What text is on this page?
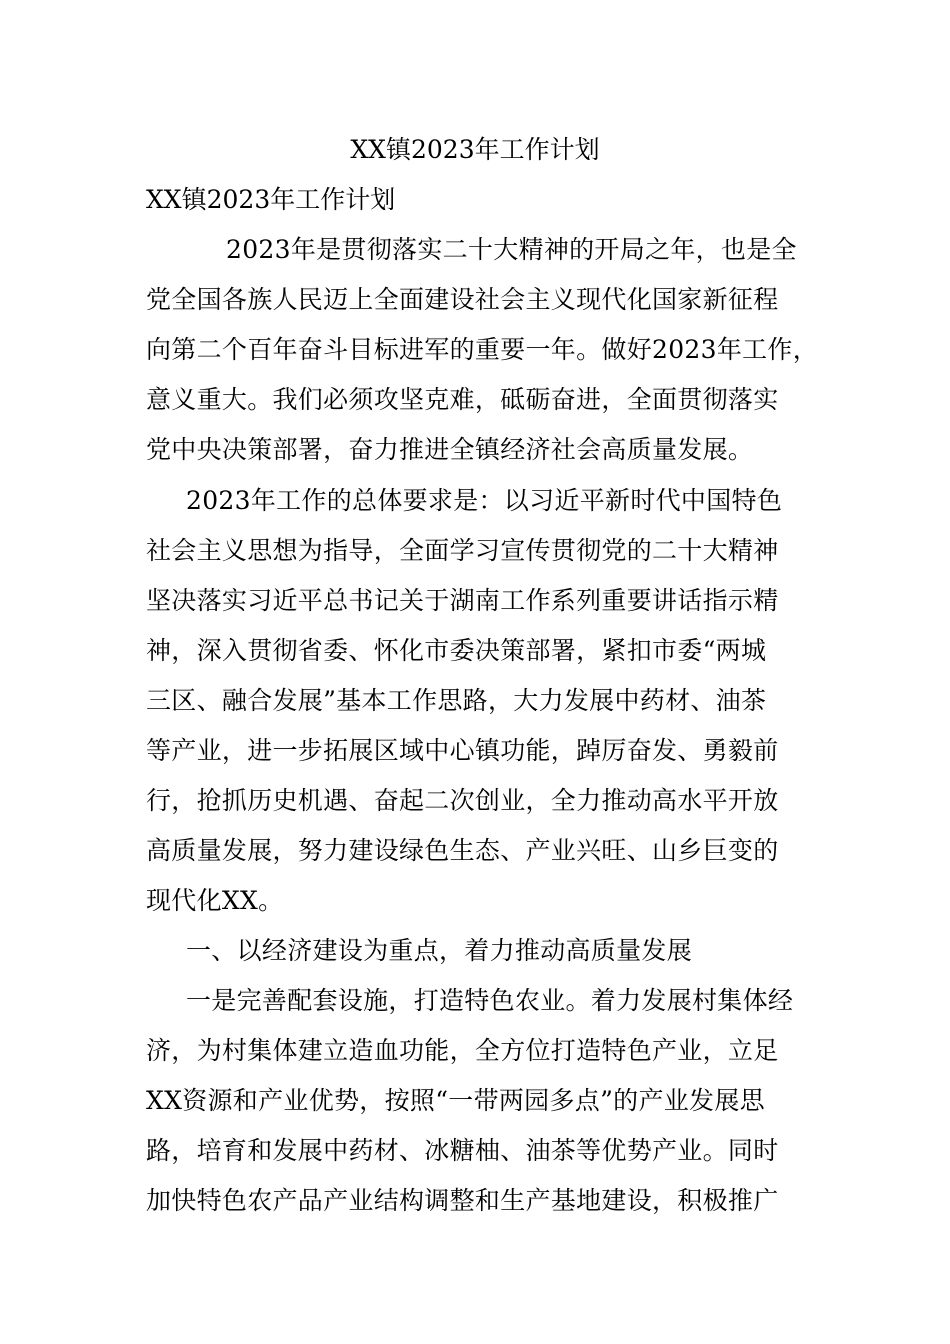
XX镇2023年工作计划
XX镇2023年工作计划
2023年是贯彻落实二十大精神的开局之年，也是全
党全国各族人民迈上全面建设社会主义现代化国家新征程
向第二个百年奋斗目标进军的重要一年。做好2023年工作，
意义重大。我们必须攻坚克难，砥砺奋进，全面贯彻落实
党中央决策部署，奋力推进全镇经济社会高质量发展。
2023年工作的总体要求是：以习近平新时代中国特色
社会主义思想为指导，全面学习宣传贯彻党的二十大精神
坚决落实习近平总书记关于湖南工作系列重要讲话指示精
神，深入贯彻省委、怀化市委决策部署，紧扣市委“两城
三区、融合发展”基本工作思路，大力发展中药材、油茶
等产业，进一步拓展区域中心镇功能，踔厉奋发、勇毅前
行，抢抓历史机遇、奋起二次创业，全力推动高水平开放
高质量发展，努力建设绿色生态、产业兴旺、山乡巨变的
现代化XX。
一、以经济建设为重点，着力推动高质量发展
一是完善配套设施，打造特色农业。着力发展村集体经
济，为村集体建立造血功能，全方位打造特色产业，立足
XX资源和产业优势，按照“一带两园多点”的产业发展思
路，培育和发展中药材、冰糖柚、油茶等优势产业。同时
加快特色农产品产业结构调整和生产基地建设，积极推广
